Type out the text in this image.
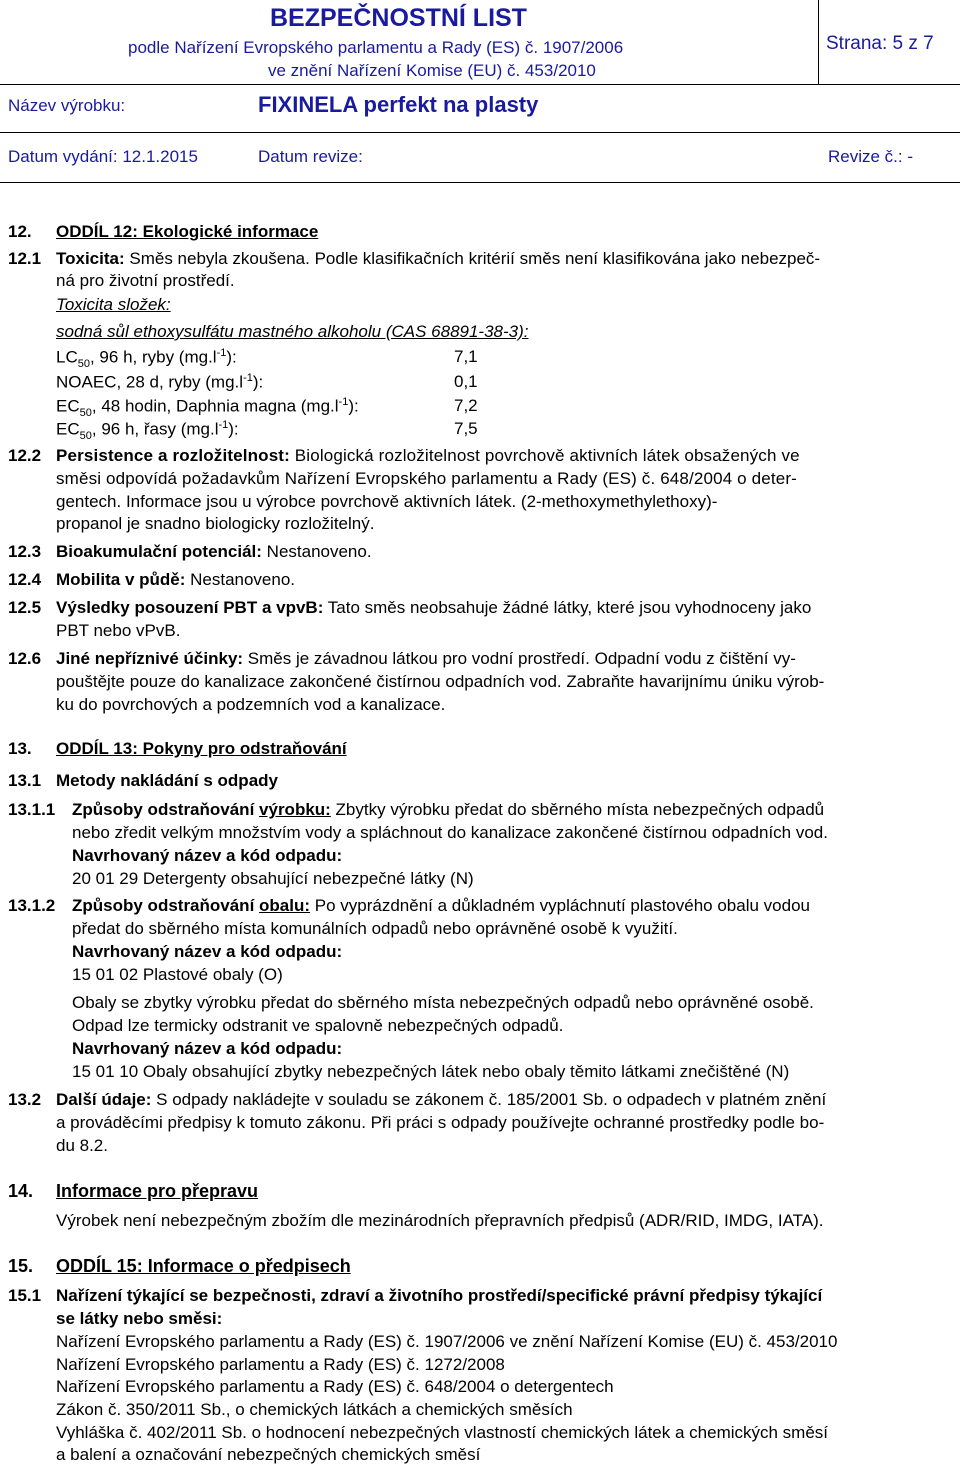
BEZPEČNOSTNÍ LIST
podle Nařízení Evropského parlamentu a Rady (ES) č. 1907/2006
ve znění Nařízení Komise (EU) č. 453/2010
Strana: 5 z 7
Název výrobku:	FIXINELA perfekt na plasty
Datum vydání: 12.1.2015	Datum revize:	Revize č.: -
12. ODDÍL 12: Ekologické informace
12.1 Toxicita: Směs nebyla zkoušena. Podle klasifikačních kritérií směs není klasifikována jako nebezpeč-
ná pro životní prostředí.
Toxicita složek:
sodná sůl ethoxysulfátu mastného alkoholu (CAS 68891-38-3):
$LC_{50}$, 96 h, ryby $(mg.l^{-1})$:	7,1
NOAEC, 28 d, ryby $(mg.l^{-1})$:	0,1
$EC_{50}$, 48 hodin, Daphnia magna $(mg.l^{-1})$:	7,2
$EC_{50}$, 96 h, řasy $(mg.l^{-1})$:	7,5
12.2 Persistence a rozložitelnost: Biologická rozložitelnost povrchově aktivních látek obsažených ve
směsi odpovídá požadavkům Nařízení Evropského parlamentu a Rady (ES) č. 648/2004 o deter-
gentech. Informace jsou u výrobce povrchově aktivních látek. (2-methoxymethylethoxy)-
propanol je snadno biologicky rozložitelný.
12.3 Bioakumulační potenciál: Nestanoveno.
12.4 Mobilita v půdě: Nestanoveno.
12.5 Výsledky posouzení PBT a vpvB: Tato směs neobsahuje žádné látky, které jsou vyhodnoceny jako
PBT nebo vPvB.
12.6 Jiné nepříznivé účinky: Směs je závadnou látkou pro vodní prostředí. Odpadní vodu z čištění vy-
pouštějte pouze do kanalizace zakončené čistírnou odpadních vod. Zabraňte havarijnímu úniku výrob-
ku do povrchových a podzemních vod a kanalizace.
13. ODDÍL 13: Pokyny pro odstraňování
13.1 Metody nakládání s odpady
13.1.1 Způsoby odstraňování výrobku: Zbytky výrobku předat do sběrného místa nebezpečných odpadů
nebo zředit velkým množstvím vody a spláchnout do kanalizace zakončené čistírnou odpadních vod.
Navrhovaný název a kód odpadu:
20 01 29 Detergenty obsahující nebezpečné látky (N)
13.1.2 Způsoby odstraňování obalu: Po vyprázdnění a důkladném vypláchnutí plastového obalu vodou
předat do sběrného místa komunálních odpadů nebo oprávněné osobě k využití.
Navrhovaný název a kód odpadu:
15 01 02 Plastové obaly (O)
Obaly se zbytky výrobku předat do sběrného místa nebezpečných odpadů nebo oprávněné osobě.
Odpad lze termicky odstranit ve spalovně nebezpečných odpadů.
Navrhovaný název a kód odpadu:
15 01 10 Obaly obsahující zbytky nebezpečných látek nebo obaly těmito látkami znečištěné (N)
13.2 Další údaje: S odpady nakládejte v souladu se zákonem č. 185/2001 Sb. o odpadech v platném znění
a prováděcími předpisy k tomuto zákonu. Při práci s odpady používejte ochranné prostředky podle bo-
du 8.2.
14. Informace pro přepravu
Výrobek není nebezpečným zbožím dle mezinárodních přepravních předpisů (ADR/RID, IMDG, IATA).
15. ODDÍL 15: Informace o předpisech
15.1 Nařízení týkající se bezpečnosti, zdraví a životního prostředí/specifické právní předpisy týkající
se látky nebo směsi:
Nařízení Evropského parlamentu a Rady (ES) č. 1907/2006 ve znění Nařízení Komise (EU) č. 453/2010
Nařízení Evropského parlamentu a Rady (ES) č. 1272/2008
Nařízení Evropského parlamentu a Rady (ES) č. 648/2004 o detergentech
Zákon č. 350/2011 Sb., o chemických látkách a chemických směsích
Vyhláška č. 402/2011 Sb. o hodnocení nebezpečných vlastností chemických látek a chemických směsí
a balení a označování nebezpečných chemických směsí
